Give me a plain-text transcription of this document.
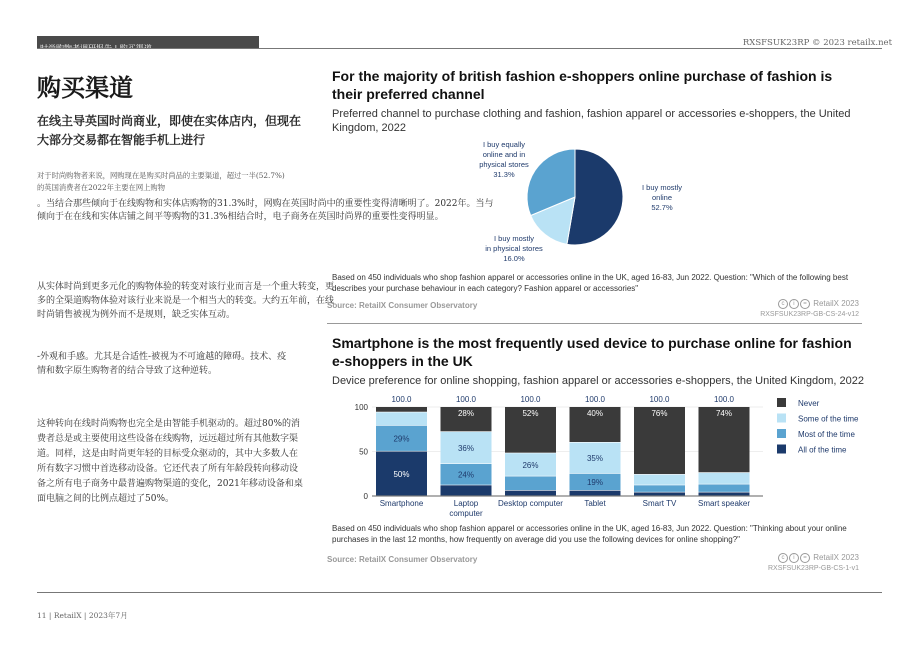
RXSFSUK23RP © 2023 retailx.net
购买渠道
在线主导英国时尚商业，即使在实体店内，但现在大部分交易都在智能手机上进行
对于时尚购物者来说，网购现在是购买时尚品的主要渠道，超过一半(52.7%)的英国消费者在2022年主要在网上购物
。当结合那些倾向于在线购物和实体店购物的31.3%时，网购在英国时尚中的重要性变得清晰明了。2022年。当与倾向于在在线和实体店铺之间平等购物的31.3%相结合时，电子商务在英国时尚界的重要性变得明显。
从实体时尚到更多元化的购物体验的转变对该行业而言是一个重大转变，更多的全渠道购物体验对该行业来说是一个相当大的转变。大约五年前，在线时尚销售被视为例外而不是规则，缺乏实体互动。
-外观和手感。尤其是合适性-被视为不可逾越的障碍。技术、疫情和数字原生购物者的结合导致了这种逆转。
这种转向在线时尚购物也完全是由智能手机驱动的。超过80%的消费者总是或主要使用这些设备在线购物，远远超过所有其他数字渠道。同样，这是由时尚更年轻的目标受众驱动的，其中大多数人在所有数字习惯中首选移动设备。它还代表了所有年龄段转向移动设备之所有电子商务中最普遍购物渠道的变化，2021年移动设备和桌面电脑之间的比例点超过了50%。
For the majority of british fashion e-shoppers online purchase of fashion is their preferred channel
Preferred channel to purchase clothing and fashion, fashion apparel or accessories e-shoppers, the United Kingdom, 2022
I buy mostly online 52.7%
I buy mostly in physical stores 16.0%
I buy equally online and in physical stores 31.3%
Based on 450 individuals who shop fashion apparel or accessories online in the UK, aged 16-83, Jun 2022. Question: "Which of the following best describes your purchase behaviour in each category? Fashion apparel or accessories"
Source: RetailX Consumer Observatory	c i = RetailX 2023
RXSFSUK23RP-GB-CS-24-v12
Smartphone is the most frequently used device to purchase online for fashion e-shoppers in the UK
Device preference for online shopping, fashion apparel or accessories e-shoppers, the United Kingdom, 2022
0
50
100
50%
29%
100.0
Smartphone
24%
36%
28%
100.0
Laptop computer
26%
52%
100.0
Desktop computer
19%
35%
40%
100.0
Tablet
76%
100.0
Smart TV
74%
100.0
Smart speaker
Never
Some of the time
Most of the time
All of the time
Based on 450 individuals who shop fashion apparel or accessories online in the UK, aged 16-83, Jun 2022. Question: "Thinking about your online purchases in the last 12 months, how frequently on average did you use the following devices for online shopping?"
Source: RetailX Consumer Observatory	c i = RetailX 2023
RXSFSUK23RP-GB-CS-1-v1
11 | RetailX | 2023年7月
